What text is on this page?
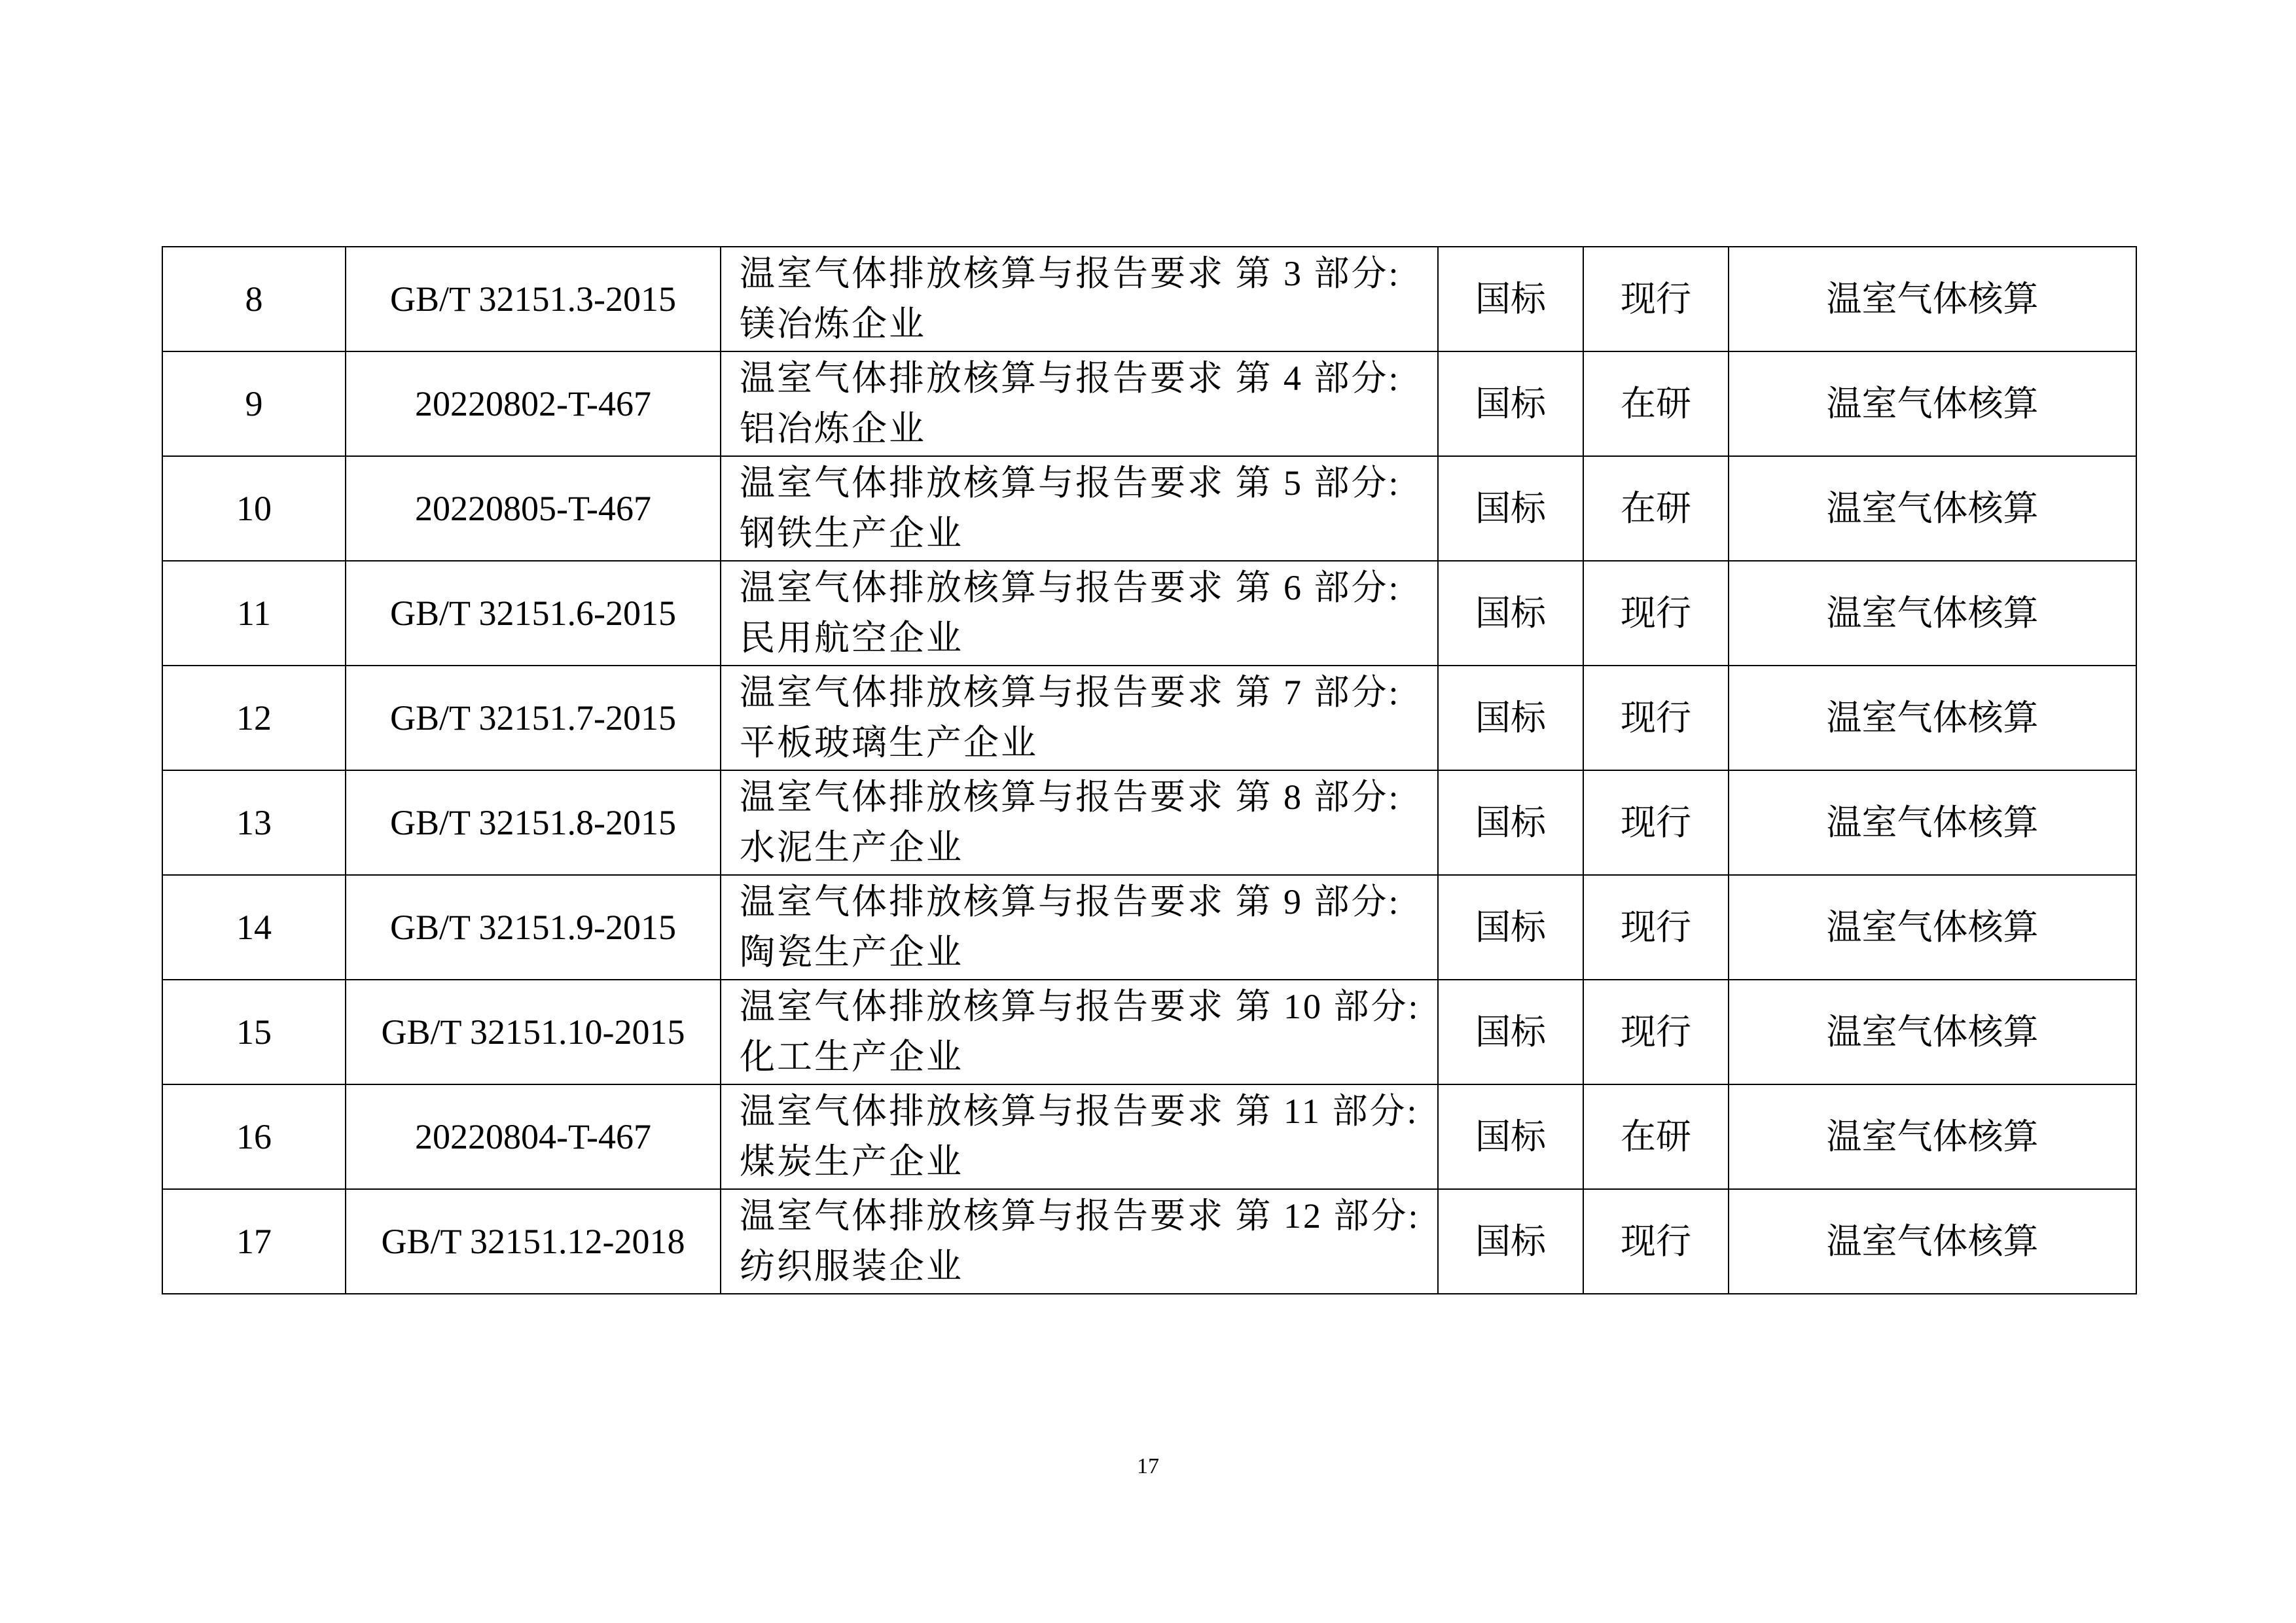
8	GB/T 32151.3-2015	温室气体排放核算与报告要求 第 3 部分: 镁冶炼企业	国标	现行	温室气体核算
9	20220802-T-467	温室气体排放核算与报告要求 第 4 部分: 铝冶炼企业	国标	在研	温室气体核算
10	20220805-T-467	温室气体排放核算与报告要求 第 5 部分: 钢铁生产企业	国标	在研	温室气体核算
11	GB/T 32151.6-2015	温室气体排放核算与报告要求 第 6 部分: 民用航空企业	国标	现行	温室气体核算
12	GB/T 32151.7-2015	温室气体排放核算与报告要求 第 7 部分: 平板玻璃生产企业	国标	现行	温室气体核算
13	GB/T 32151.8-2015	温室气体排放核算与报告要求 第 8 部分: 水泥生产企业	国标	现行	温室气体核算
14	GB/T 32151.9-2015	温室气体排放核算与报告要求 第 9 部分: 陶瓷生产企业	国标	现行	温室气体核算
15	GB/T 32151.10-2015	温室气体排放核算与报告要求 第 10 部分: 化工生产企业	国标	现行	温室气体核算
16	20220804-T-467	温室气体排放核算与报告要求 第 11 部分: 煤炭生产企业	国标	在研	温室气体核算
17	GB/T 32151.12-2018	温室气体排放核算与报告要求 第 12 部分: 纺织服装企业	国标	现行	温室气体核算
17
